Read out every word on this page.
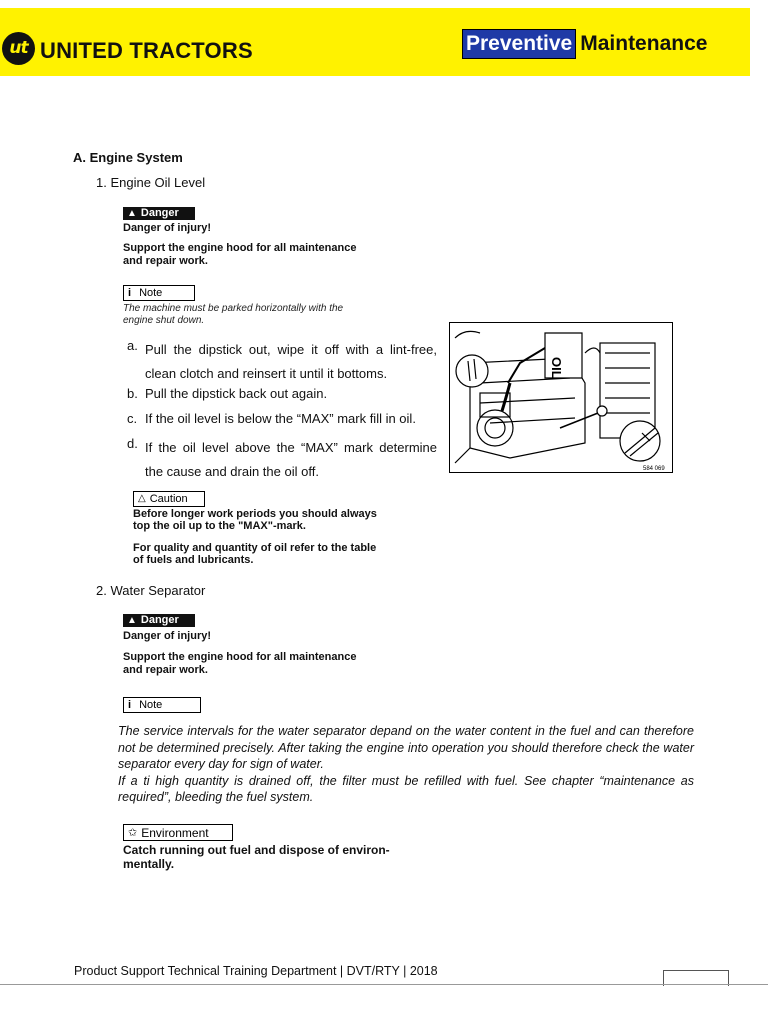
ut UNITED TRACTORS	Preventive Maintenance
A. Engine System
1. Engine Oil Level
▲ Danger
Danger of injury!
Support the engine hood for all maintenance
and repair work.
i Note
The machine must be parked horizontally with the
engine shut down.
a. Pull the dipstick out, wipe it off with a lint-free, clean clotch and reinsert it until it bottoms.
b. Pull the dipstick back out again.
c. If the oil level is below the “MAX” mark fill in oil.
d. If the oil level above the “MAX” mark determine the cause and drain the oil off.
OIL
584 069
△ Caution
Before longer work periods you should always
top the oil up to the "MAX"-mark.
For quality and quantity of oil refer to the table
of fuels and lubricants.
2. Water Separator
▲ Danger
Danger of injury!
Support the engine hood for all maintenance
and repair work.
i Note
The service intervals for the water separator depand on the water content in the fuel and can therefore not be determined precisely. After taking the engine into operation you should therefore check the water separator every day for sign of water.
If a ti high quantity is drained off, the filter must be refilled with fuel. See chapter “maintenance as required”, bleeding the fuel system.
✩ Environment
Catch running out fuel and dispose of environ-
mentally.
Product Support Technical Training Department | DVT/RTY | 2018
